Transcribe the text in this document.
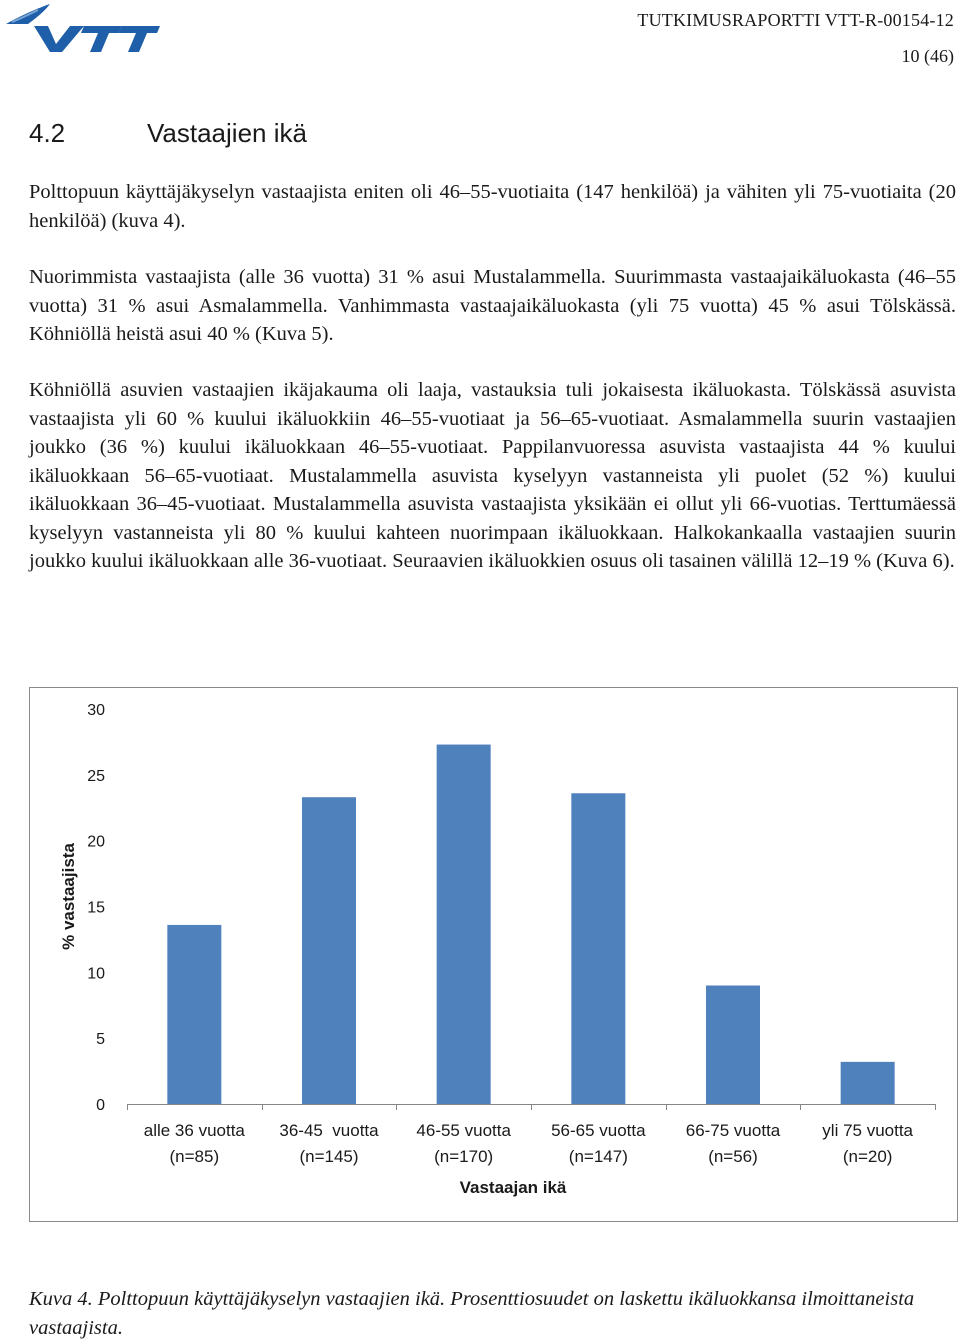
TUTKIMUSRAPORTTI VTT-R-00154-12
10 (46)
4.2	Vastaajien ikä

Polttopuun käyttäjäkyselyn vastaajista eniten oli 46–55-vuotiaita (147 henkilöä) ja vähiten yli 75-vuotiaita (20 henkilöä) (kuva 4).

Nuorimmista vastaajista (alle 36 vuotta) 31 % asui Mustalammella. Suurimmasta vastaajaikäluokasta (46–55 vuotta) 31 % asui Asmalammella. Vanhimmasta vastaajaikäluokasta (yli 75 vuotta) 45 % asui Tölskässä. Köhniöllä heistä asui 40 % (Kuva 5).

Köhniöllä asuvien vastaajien ikäjakauma oli laaja, vastauksia tuli jokaisesta ikäluokasta. Tölskässä asuvista vastaajista yli 60 % kuului ikäluokkiin 46–55-vuotiaat ja 56–65-vuotiaat. Asmalammella suurin vastaajien joukko (36 %) kuului ikäluokkaan 46–55-vuotiaat. Pappilanvuoressa asuvista vastaajista 44 % kuului ikäluokkaan 56–65-vuotiaat. Mustalammella asuvista kyselyyn vastanneista yli puolet (52 %) kuului ikäluokkaan 36–45-vuotiaat. Mustalammella asuvista vastaajista yksikään ei ollut yli 66-vuotias. Terttumäessä kyselyyn vastanneista yli 80 % kuului kahteen nuorimpaan ikäluokkaan. Halkokankaalla vastaajien suurin joukko kuului ikäluokkaan alle 36-vuotiaat. Seuraavien ikäluokkien osuus oli tasainen välillä 12–19 % (Kuva 6).

0
5
10
15
20
25
30
alle 36 vuotta (n=85)
36-45  vuotta (n=145)
46-55 vuotta (n=170)
56-65 vuotta (n=147)
66-75 vuotta (n=56)
yli 75 vuotta (n=20)
% vastaajista
Vastaajan ikä

Kuva 4. Polttopuun käyttäjäkyselyn vastaajien ikä. Prosenttiosuudet on laskettu ikäluokkansa ilmoittaneista vastaajista.
